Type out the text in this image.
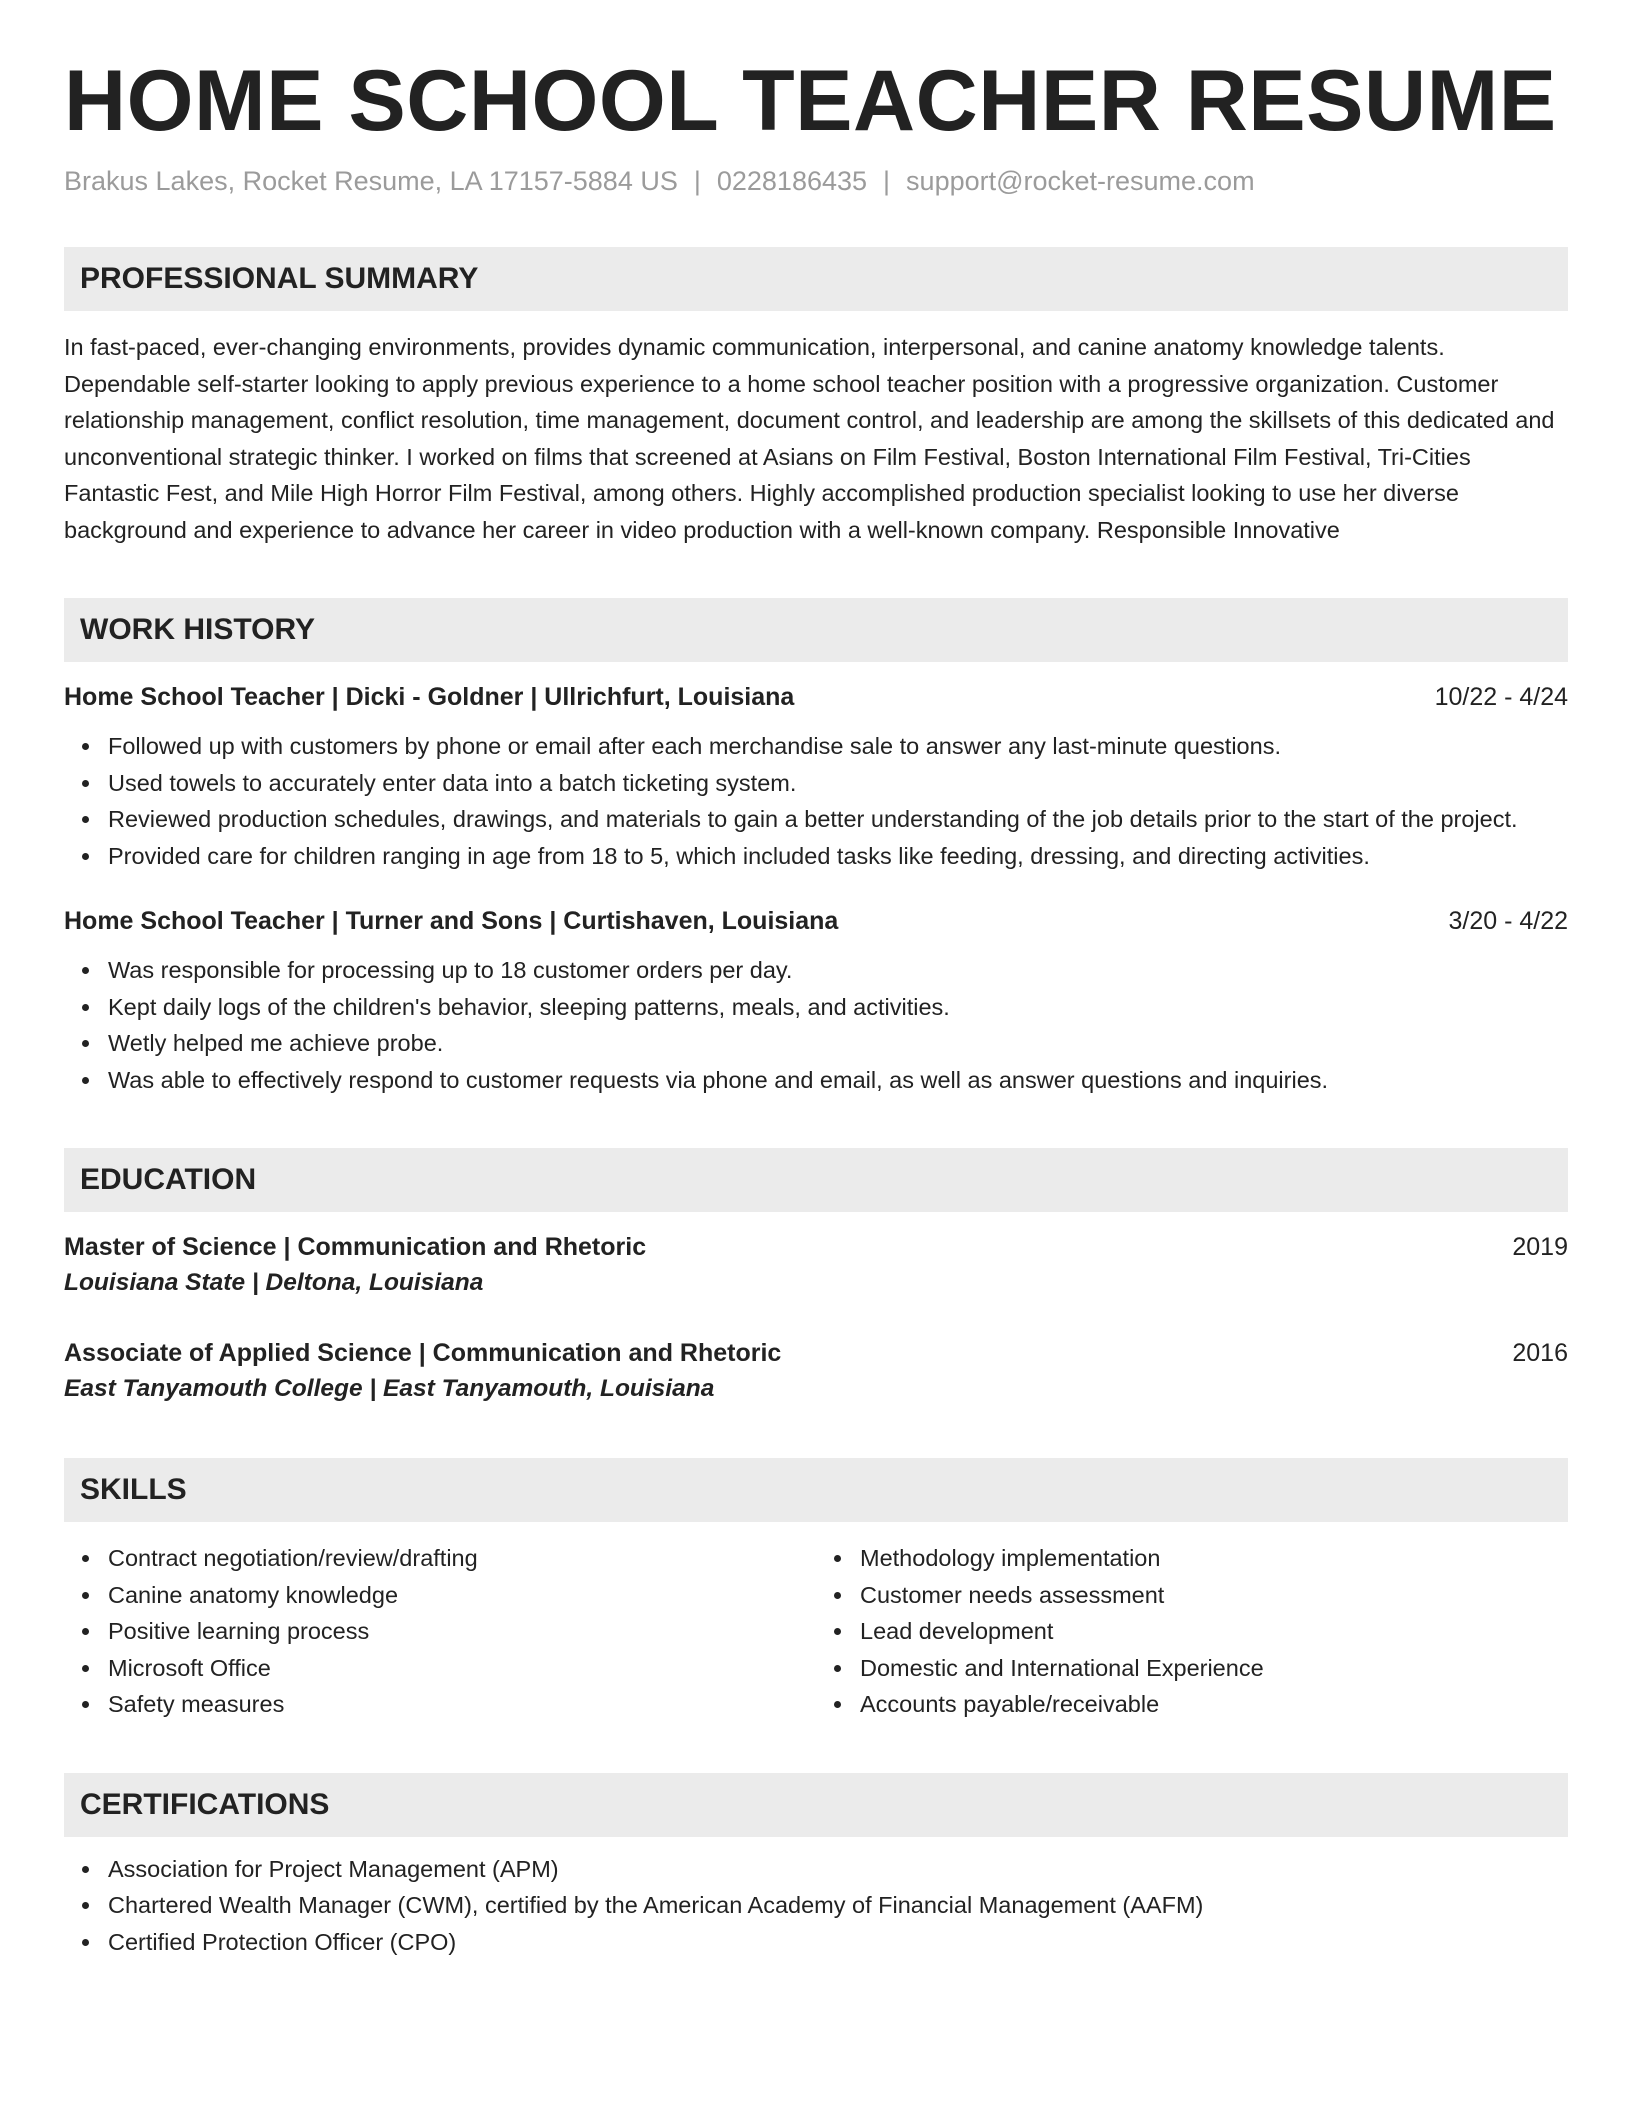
HOME SCHOOL TEACHER RESUME
Brakus Lakes, Rocket Resume, LA 17157-5884 US | 0228186435 | support@rocket-resume.com
PROFESSIONAL SUMMARY

In fast-paced, ever-changing environments, provides dynamic communication, interpersonal, and canine anatomy knowledge talents. Dependable self-starter looking to apply previous experience to a home school teacher position with a progressive organization. Customer relationship management, conflict resolution, time management, document control, and leadership are among the skillsets of this dedicated and unconventional strategic thinker. I worked on films that screened at Asians on Film Festival, Boston International Film Festival, Tri-Cities Fantastic Fest, and Mile High Horror Film Festival, among others. Highly accomplished production specialist looking to use her diverse background and experience to advance her career in video production with a well-known company. Responsible Innovative

WORK HISTORY
Home School Teacher | Dicki - Goldner | Ullrichfurt, Louisiana	10/22 - 4/24
Followed up with customers by phone or email after each merchandise sale to answer any last-minute questions.
Used towels to accurately enter data into a batch ticketing system.
Reviewed production schedules, drawings, and materials to gain a better understanding of the job details prior to the start of the project.
Provided care for children ranging in age from 18 to 5, which included tasks like feeding, dressing, and directing activities.
Home School Teacher | Turner and Sons | Curtishaven, Louisiana	3/20 - 4/22
Was responsible for processing up to 18 customer orders per day.
Kept daily logs of the children's behavior, sleeping patterns, meals, and activities.
Wetly helped me achieve probe.
Was able to effectively respond to customer requests via phone and email, as well as answer questions and inquiries.
EDUCATION
Master of Science | Communication and Rhetoric	2019
Louisiana State | Deltona, Louisiana
Associate of Applied Science | Communication and Rhetoric	2016
East Tanyamouth College | East Tanyamouth, Louisiana
SKILLS
Contract negotiation/review/drafting
Canine anatomy knowledge
Positive learning process
Microsoft Office
Safety measures
Methodology implementation
Customer needs assessment
Lead development
Domestic and International Experience
Accounts payable/receivable
CERTIFICATIONS
Association for Project Management (APM)
Chartered Wealth Manager (CWM), certified by the American Academy of Financial Management (AAFM)
Certified Protection Officer (CPO)
